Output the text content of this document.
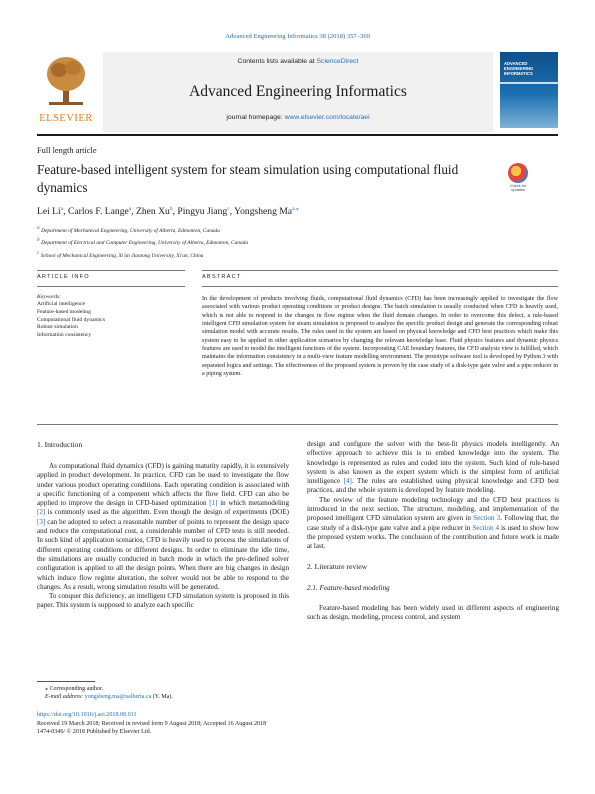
Advanced Engineering Informatics 38 (2018) 357–369
ELSEVIER
Contents lists available at ScienceDirect
Advanced Engineering Informatics
journal homepage: www.elsevier.com/locate/aei
ADVANCED ENGINEERING INFORMATICS
Full length article
Feature-based intelligent system for steam simulation using computational fluid dynamics	Check for updates
Lei Li$^a$, Carlos F. Lange$^a$, Zhen Xu$^b$, Pingyu Jiang$^c$, Yongsheng $Ma^{a,⁎}$
$^a$ Department of Mechanical Engineering, University of Alberta, Edmonton, Canada
$^b$ Department of Electrical and Computer Engineering, University of Alberta, Edmonton, Canada
$^c$ School of Mechanical Engineering, Xi'an Jiaotong University, Xi'an, China
ARTICLE INFO	ABSTRACT
Keywords:
Artificial intelligence
Feature-based modeling
Computational fluid dynamics
Robust simulation
Information consistency
In the development of products involving fluids, computational fluid dynamics (CFD) has been increasingly applied to investigate the flow associated with various product operating conditions or product designs. The batch simulation is usually conducted when CFD is heavily used, which is not able to respond to the changes in flow regime when the fluid domain changes. In order to overcome this defect, a rule-based intelligent CFD simulation system for steam simulation is proposed to analyze the specific product design and generate the corresponding robust simulation model with accurate results. The rules used in the system are based on physical knowledge and CFD best practices which make this system easy to be applied in other application scenarios by changing the relevant knowledge base. Fluid physics features and dynamic physics features are used to model the intelligent functions of the system. Incorporating CAE boundary features, the CFD analysis view is fulfilled, which maintains the information consistency in a multi-view feature modelling environment. The prototype software tool is developed by Python 3 with separated logics and settings. The effectiveness of the proposed system is proven by the case study of a disk-type gate valve and a pipe reducer in a piping system.
1. Introduction
As computational fluid dynamics (CFD) is gaining maturity rapidly, it is extensively applied in product development. In practice, CFD can be used to investigate the flow under various product operating conditions. Each operating condition is associated with a specific functioning of a component which affects the flow field. CFD can also be applied to improve the design in CFD-based optimization [1] in which metamodeling [2] is commonly used as the algorithm. Even though the design of experiments (DOE) [3] can be adopted to select a reasonable number of points to represent the design space and reduce the computational cost, a considerable number of CFD tests is still needed. In such kind of application scenarios, CFD is heavily used to process the simulations of different operating conditions or different designs. In order to eliminate the idle time, the simulations are usually conducted in batch mode in which the pre-defined solver configuration is applied to all the design points. When there are big changes in design which induce flow regime alteration, the solver would not be able to respond to the changes. As a result, wrong simulation results will be generated.
To conquer this deficiency, an intelligent CFD simulation system is proposed in this paper. This system is supposed to analyze each specific
design and configure the solver with the best-fit physics models intelligently. An effective approach to achieve this is to embed knowledge into the system. The knowledge is represented as rules and coded into the system. Such kind of rule-based system is also known as the expert system which is the simplest form of artificial intelligence [4]. The rules are established using physical knowledge and CFD best practices, and the whole system is developed by feature modeling.
The review of the feature modeling technology and the CFD best practices is introduced in the next section. The structure, modeling, and implementation of the proposed intelligent CFD simulation system are given in Section 3. Following that, the case study of a disk-type gate valve and a pipe reducer in Section 4 is used to show how the proposed system works. The conclusion of the contribution and future work is made at last.
2. Literature review
2.1. Feature-based modeling
Feature-based modeling has been widely used in different aspects of engineering such as design, modeling, process control, and system
⁎ Corresponding author.
E-mail address: yongsheng.ma@ualberta.ca (Y. Ma).
https://doi.org/10.1016/j.aei.2018.08.011
Received 19 March 2018; Received in revised form 9 August 2018; Accepted 16 August 2018
1474-0346/ © 2018 Published by Elsevier Ltd.
